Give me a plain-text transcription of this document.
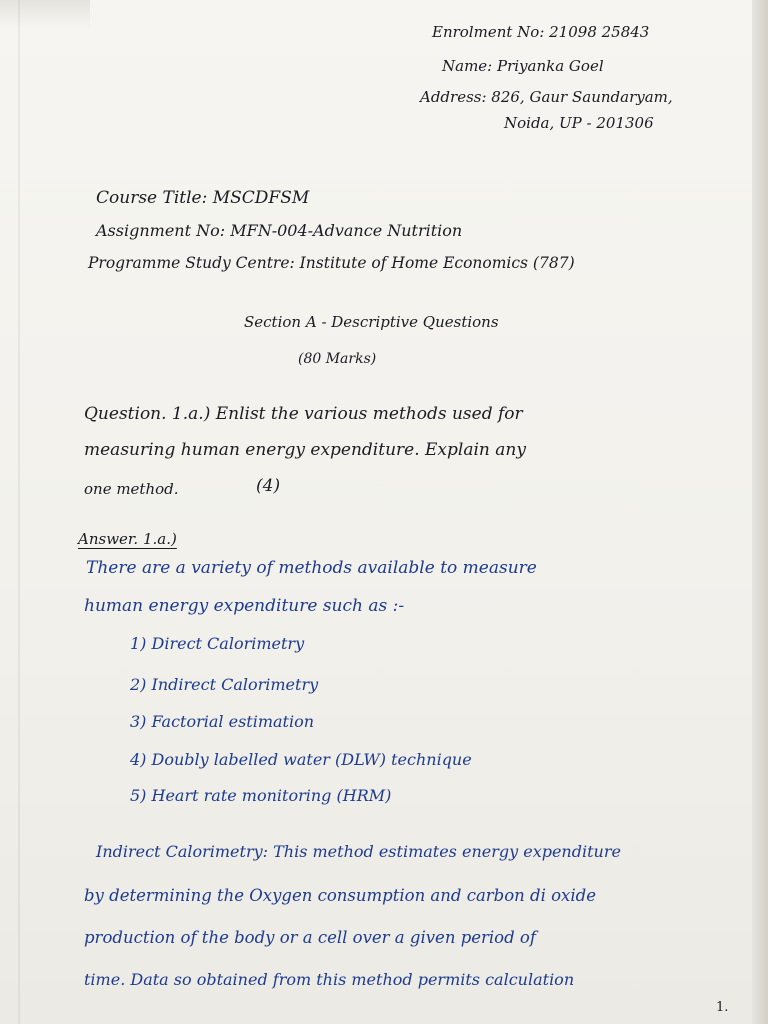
Enrolment No: 21098 25843
Name: Priyanka Goel
Address: 826, Gaur Saundaryam,
Noida, UP - 201306
Course Title: MSCDFSM
Assignment No: MFN-004-Advance Nutrition
Programme Study Centre: Institute of Home Economics (787)
Section A - Descriptive Questions
(80 Marks)
Question. 1.a.) Enlist the various methods used for
measuring human energy expenditure. Explain any
one method.	(4)
Answer. 1.a.)
There are a variety of methods available to measure
human energy expenditure such as :-
1) Direct Calorimetry
2) Indirect Calorimetry
3) Factorial estimation
4) Doubly labelled water (DLW) technique
5) Heart rate monitoring (HRM)
Indirect Calorimetry: This method estimates energy expenditure
by determining the Oxygen consumption and carbon di oxide
production of the body or a cell over a given period of
time. Data so obtained from this method permits calculation
1.
